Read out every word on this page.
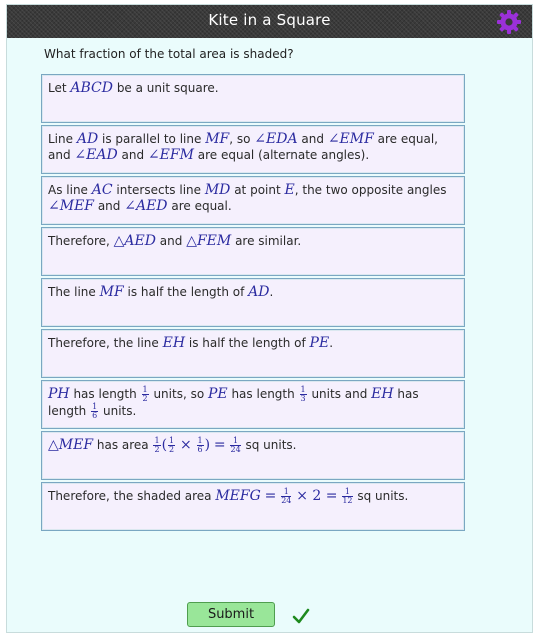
Kite in a Square
What fraction of the total area is shaded?
Let ABCD be a unit square.
Line AD is parallel to line MF, so ∠EDA and ∠EMF are equal, and ∠EAD and ∠EFM are equal (alternate angles).
As line AC intersects line MD at point E, the two opposite angles ∠MEF and ∠AED are equal.
Therefore, △AED and △FEM are similar.
The line MF is half the length of AD.
Therefore, the line EH is half the length of PE.
PH has length $\frac{1}{2}$ units, so PE has length $\frac{1}{3}$ units and EH has length $\frac{1}{6}$ units.
△MEF has area $\frac{1}{2}$ ( $\frac{1}{2} \times \frac{1}{6}$ ) = $\frac{1}{24}$ sq units.
Therefore, the shaded area MEFG = $\frac{1}{24} \times 2 = \frac{1}{12}$ sq units.
Submit
